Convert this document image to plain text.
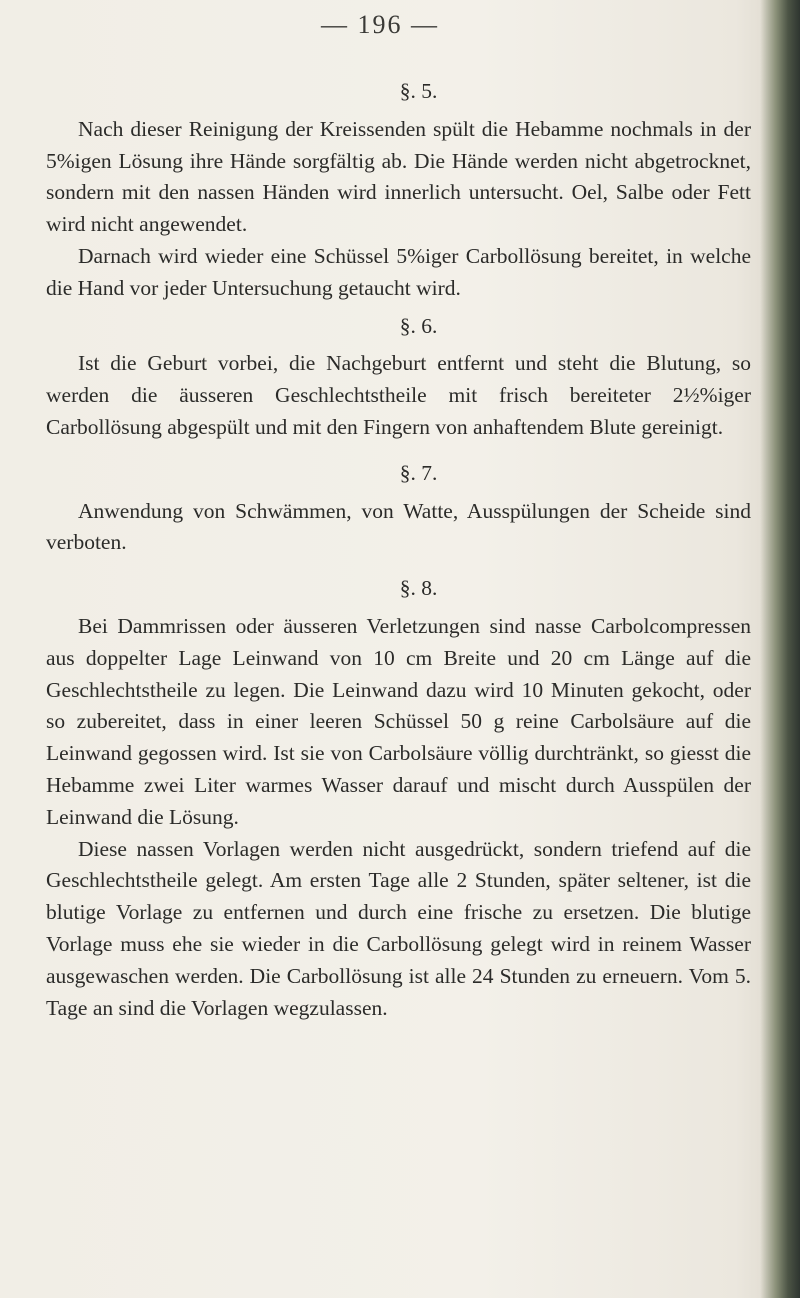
— 196 —

§. 5.

Nach dieser Reinigung der Kreissenden spült die Hebamme nochmals in der 5%igen Lösung ihre Hände sorgfältig ab. Die Hände werden nicht abgetrocknet, sondern mit den nassen Händen wird innerlich untersucht. Oel, Salbe oder Fett wird nicht angewendet.

Darnach wird wieder eine Schüssel 5%iger Carbollösung bereitet, in welche die Hand vor jeder Untersuchung getaucht wird.

§. 6.

Ist die Geburt vorbei, die Nachgeburt entfernt und steht die Blutung, so werden die äusseren Geschlechtstheile mit frisch bereiteter 2½%iger Carbollösung abgespült und mit den Fingern von anhaftendem Blute gereinigt.

§. 7.

Anwendung von Schwämmen, von Watte, Ausspülungen der Scheide sind verboten.

§. 8.

Bei Dammrissen oder äusseren Verletzungen sind nasse Carbolcompressen aus doppelter Lage Leinwand von 10 cm Breite und 20 cm Länge auf die Geschlechtstheile zu legen. Die Leinwand dazu wird 10 Minuten gekocht, oder so zubereitet, dass in einer leeren Schüssel 50 g reine Carbolsäure auf die Leinwand gegossen wird. Ist sie von Carbolsäure völlig durchtränkt, so giesst die Hebamme zwei Liter warmes Wasser darauf und mischt durch Ausspülen der Leinwand die Lösung.

Diese nassen Vorlagen werden nicht ausgedrückt, sondern triefend auf die Geschlechtstheile gelegt. Am ersten Tage alle 2 Stunden, später seltener, ist die blutige Vorlage zu entfernen und durch eine frische zu ersetzen. Die blutige Vorlage muss ehe sie wieder in die Carbollösung gelegt wird in reinem Wasser ausgewaschen werden. Die Carbollösung ist alle 24 Stunden zu erneuern. Vom 5. Tage an sind die Vorlagen wegzulassen.
